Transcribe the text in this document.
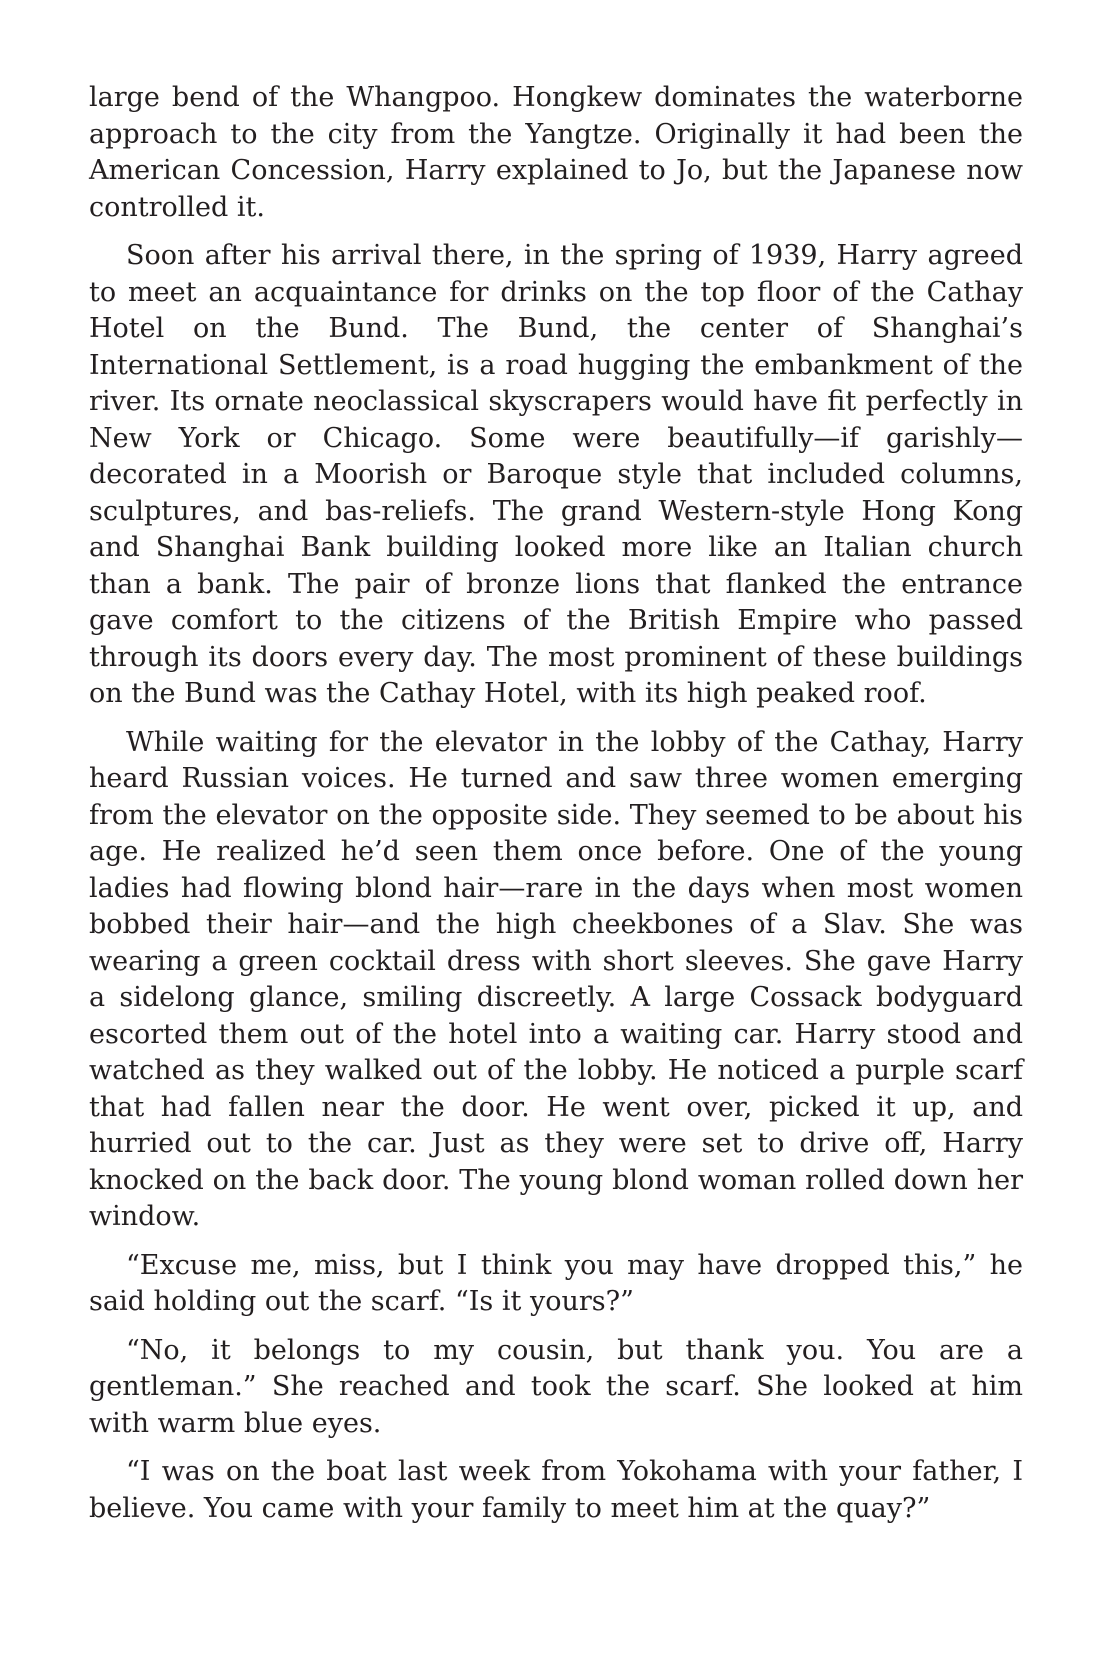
large bend of the Whangpoo. Hongkew dominates the waterborne approach to the city from the Yangtze. Originally it had been the American Concession, Harry explained to Jo, but the Japanese now controlled it.

Soon after his arrival there, in the spring of 1939, Harry agreed to meet an acquaintance for drinks on the top floor of the Cathay Hotel on the Bund. The Bund, the center of Shanghai’s International Settlement, is a road hugging the embankment of the river. Its ornate neoclassical skyscrapers would have fit perfectly in New York or Chicago. Some were beautifully—if garishly—decorated in a Moorish or Baroque style that included columns, sculptures, and bas-reliefs. The grand Western-style Hong Kong and Shanghai Bank building looked more like an Italian church than a bank. The pair of bronze lions that flanked the entrance gave comfort to the citizens of the British Empire who passed through its doors every day. The most prominent of these buildings on the Bund was the Cathay Hotel, with its high peaked roof.

While waiting for the elevator in the lobby of the Cathay, Harry heard Russian voices. He turned and saw three women emerging from the elevator on the opposite side. They seemed to be about his age. He realized he’d seen them once before. One of the young ladies had flowing blond hair—rare in the days when most women bobbed their hair—and the high cheekbones of a Slav. She was wearing a green cocktail dress with short sleeves. She gave Harry a sidelong glance, smiling discreetly. A large Cossack bodyguard escorted them out of the hotel into a waiting car. Harry stood and watched as they walked out of the lobby. He noticed a purple scarf that had fallen near the door. He went over, picked it up, and hurried out to the car. Just as they were set to drive off, Harry knocked on the back door. The young blond woman rolled down her window.

“Excuse me, miss, but I think you may have dropped this,” he said holding out the scarf. “Is it yours?”

“No, it belongs to my cousin, but thank you. You are a gentleman.” She reached and took the scarf. She looked at him with warm blue eyes.

“I was on the boat last week from Yokohama with your father, I believe. You came with your family to meet him at the quay?”
